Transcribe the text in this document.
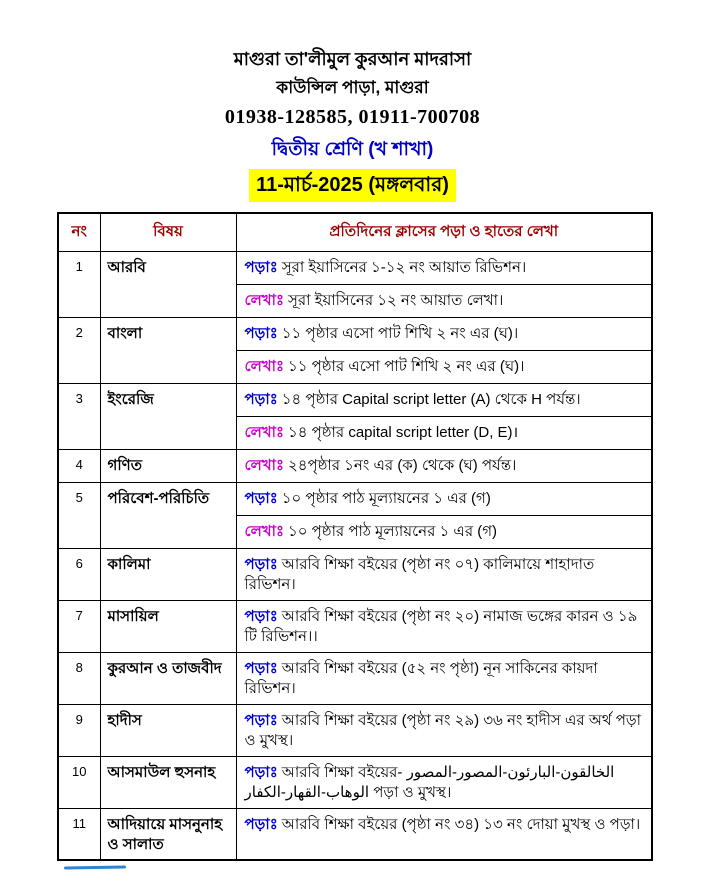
মাগুরা তা'লীমুল কুরআন মাদরাসা
কাউন্সিল পাড়া, মাগুরা
01938-128585, 01911-700708
দ্বিতীয় শ্রেণি (খ শাখা)
11-মার্চ-2025 (মঙ্গলবার)
নং	বিষয়	প্রতিদিনের ক্লাসের পড়া ও হাতের লেখা
1	আরবি	পড়াঃ সূরা ইয়াসিনের ১-১২ নং আয়াত রিভিশন।
লেখাঃ সূরা ইয়াসিনের ১২ নং আয়াত লেখা।

2	বাংলা	পড়াঃ ১১ পৃষ্ঠার এসো পাট শিখি ২ নং এর (ঘ)।
লেখাঃ ১১ পৃষ্ঠার এসো পাট শিখি ২ নং এর (ঘ)।

3	ইংরেজি	পড়াঃ ১৪ পৃষ্ঠার Capital script letter (A) থেকে H পর্যন্ত।
লেখাঃ ১৪ পৃষ্ঠার capital script letter (D, E)।

4	গণিত	লেখাঃ ২৪পৃষ্ঠার ১নং এর (ক) থেকে (ঘ) পর্যন্ত।

5	পরিবেশ-পরিচিতি	পড়াঃ ১০ পৃষ্ঠার পাঠ মূল্যায়নের ১ এর (গ)
লেখাঃ ১০ পৃষ্ঠার পাঠ মূল্যায়নের ১ এর (গ)

6	কালিমা	পড়াঃ আরবি শিক্ষা বইয়ের (পৃষ্ঠা নং ০৭) কালিমায়ে শাহাদাত রিভিশন।

7	মাসায়িল	পড়াঃ আরবি শিক্ষা বইয়ের (পৃষ্ঠা নং ২০) নামাজ ভঙ্গের কারন ও ১৯ টি রিভিশন।।

8	কুরআন ও তাজবীদ	পড়াঃ আরবি শিক্ষা বইয়ের (৫২ নং পৃষ্ঠা) নূন সাকিনের কায়দা রিভিশন।

9	হাদীস	পড়াঃ আরবি শিক্ষা বইয়ের (পৃষ্ঠা নং ২৯) ৩৬ নং হাদীস এর অর্থ পড়া ও মুখস্থ।

10	আসমাউল হুসনাহ	পড়াঃ আরবি শিক্ষা বইয়ের- الخالقون-البارئون-المصور-المصور الوهاب-القهار-الكفار পড়া ও মুখস্থ।

11	আদিয়ায়ে মাসনুনাহ ও সালাত	পড়াঃ আরবি শিক্ষা বইয়ের (পৃষ্ঠা নং ৩৪) ১৩ নং দোয়া মুখস্থ ও পড়া।
